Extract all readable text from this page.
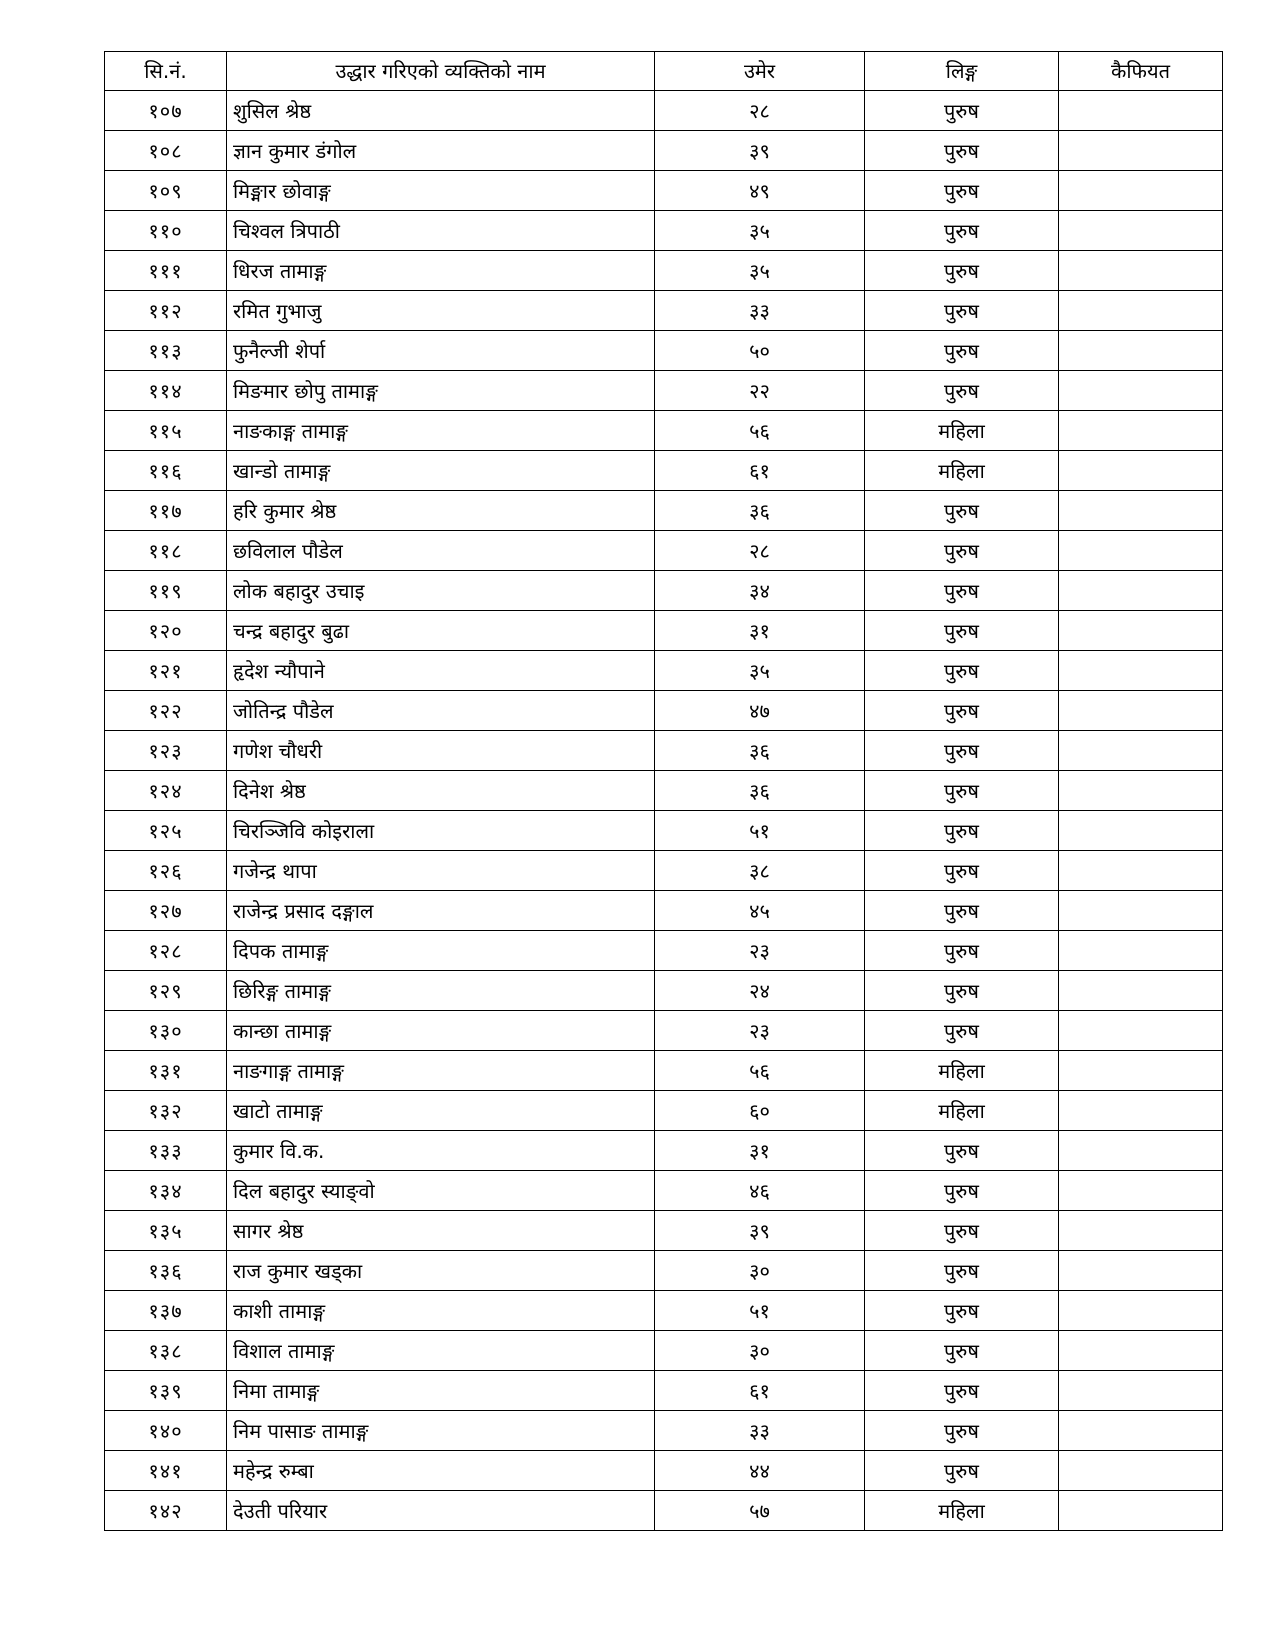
सि.नं.	उद्धार गरिएको व्यक्तिको नाम	उमेर	लिङ्ग	कैफियत
१०७	शुसिल श्रेष्ठ	२८	पुरुष	
१०८	ज्ञान कुमार डंगोल	३९	पुरुष	
१०९	मिङ्मार छोवाङ्ग	४९	पुरुष	
११०	चिश्वल त्रिपाठी	३५	पुरुष	
१११	धिरज तामाङ्ग	३५	पुरुष	
११२	रमित गुभाजु	३३	पुरुष	
११३	फुनैल्जी शेर्पा	५०	पुरुष	
११४	मिङमार छोपु तामाङ्ग	२२	पुरुष	
११५	नाङकाङ्ग तामाङ्ग	५६	महिला	
११६	खान्डो तामाङ्ग	६१	महिला	
११७	हरि कुमार श्रेष्ठ	३६	पुरुष	
११८	छविलाल पौडेल	२८	पुरुष	
११९	लोक बहादुर उचाइ	३४	पुरुष	
१२०	चन्द्र बहादुर बुढा	३१	पुरुष	
१२१	हृदेश न्यौपाने	३५	पुरुष	
१२२	जोतिन्द्र पौडेल	४७	पुरुष	
१२३	गणेश चौधरी	३६	पुरुष	
१२४	दिनेश श्रेष्ठ	३६	पुरुष	
१२५	चिरञ्जिवि कोइराला	५१	पुरुष	
१२६	गजेन्द्र थापा	३८	पुरुष	
१२७	राजेन्द्र प्रसाद दङ्गाल	४५	पुरुष	
१२८	दिपक तामाङ्ग	२३	पुरुष	
१२९	छिरिङ्ग तामाङ्ग	२४	पुरुष	
१३०	कान्छा तामाङ्ग	२३	पुरुष	
१३१	नाङगाङ्ग तामाङ्ग	५६	महिला	
१३२	खाटो तामाङ्ग	६०	महिला	
१३३	कुमार वि.क.	३१	पुरुष	
१३४	दिल बहादुर स्याङ्वो	४६	पुरुष	
१३५	सागर श्रेष्ठ	३९	पुरुष	
१३६	राज कुमार खड्का	३०	पुरुष	
१३७	काशी तामाङ्ग	५१	पुरुष	
१३८	विशाल तामाङ्ग	३०	पुरुष	
१३९	निमा तामाङ्ग	६१	पुरुष	
१४०	निम पासाङ तामाङ्ग	३३	पुरुष	
१४१	महेन्द्र रुम्बा	४४	पुरुष	
१४२	देउती परियार	५७	महिला	
